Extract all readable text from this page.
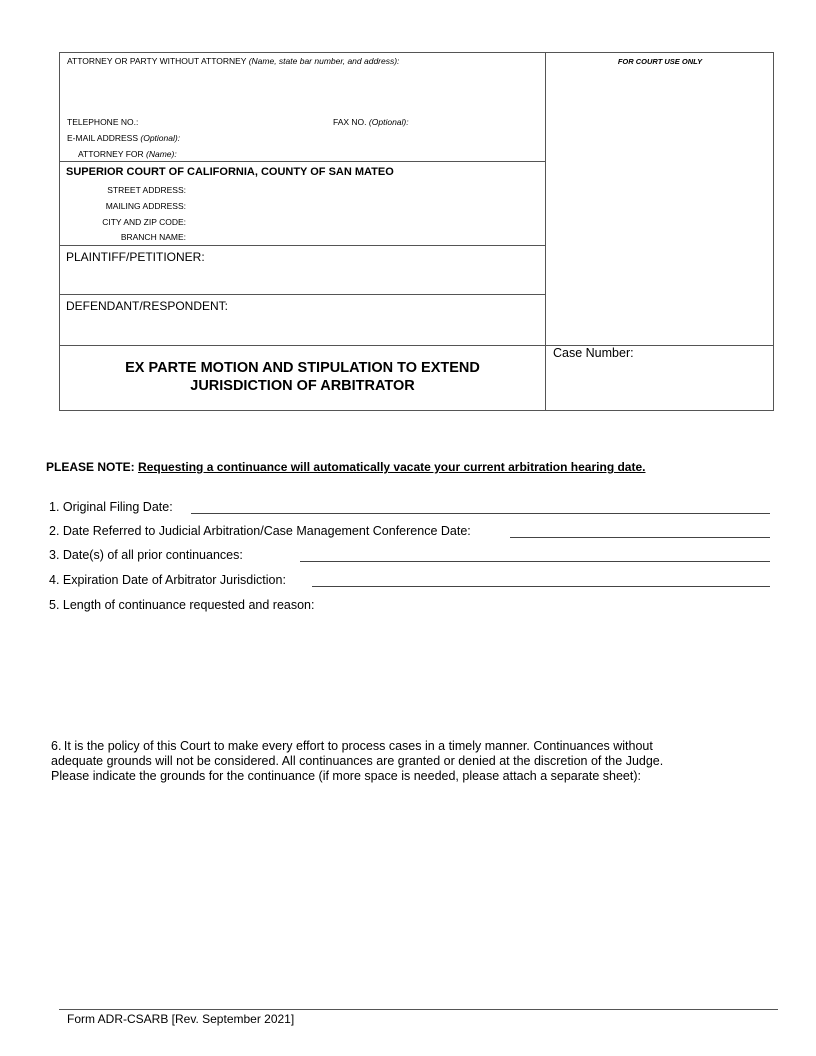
ATTORNEY OR PARTY WITHOUT ATTORNEY (Name, state bar number, and address):	FOR COURT USE ONLY
TELEPHONE NO.:	FAX NO. (Optional):
E-MAIL ADDRESS (Optional):
ATTORNEY FOR (Name):
SUPERIOR COURT OF CALIFORNIA, COUNTY OF SAN MATEO
STREET ADDRESS:
MAILING ADDRESS:
CITY AND ZIP CODE:
BRANCH NAME:
PLAINTIFF/PETITIONER:
DEFENDANT/RESPONDENT:
EX PARTE MOTION AND STIPULATION TO EXTEND
JURISDICTION OF ARBITRATOR
Case Number:
PLEASE NOTE: Requesting a continuance will automatically vacate your current arbitration hearing date.
1. Original Filing Date:
2. Date Referred to Judicial Arbitration/Case Management Conference Date:
3. Date(s) of all prior continuances:
4. Expiration Date of Arbitrator Jurisdiction:
5. Length of continuance requested and reason:
6. It is the policy of this Court to make every effort to process cases in a timely manner. Continuances without
adequate grounds will not be considered. All continuances are granted or denied at the discretion of the Judge.
Please indicate the grounds for the continuance (if more space is needed, please attach a separate sheet):
Form ADR-CSARB [Rev. September 2021]
